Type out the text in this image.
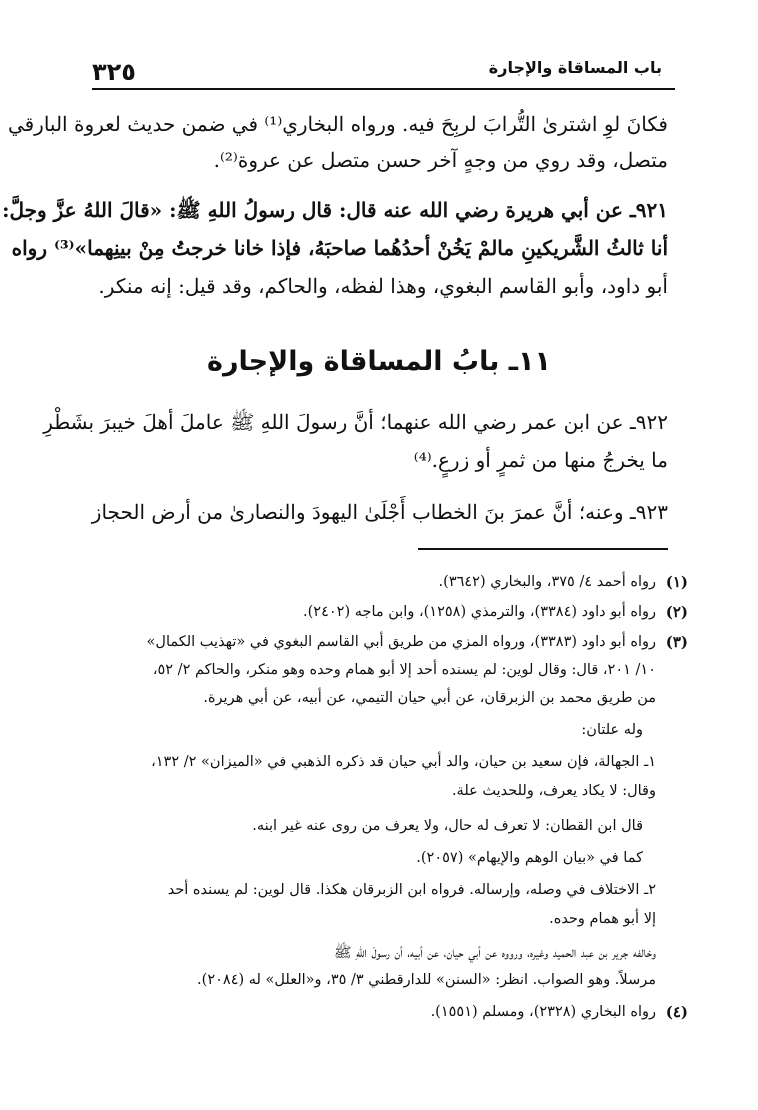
باب المساقاة والإجارة
٣٢٥
فكانَ لوِ اشترىٰ التُّرابَ لربِحَ فيه. ورواه البخاري⁽¹⁾ في ضمن حديث لعروة البارقي
متصل، وقد روي من وجهٍ آخر حسن متصل عن عروة⁽²⁾.
٩٢١ـ عن أبي هريرة رضي الله عنه قال: قال رسولُ اللهِ ﷺ: «قالَ اللهُ عزَّ وجلَّ:
أنا ثالثُ الشَّريكينِ مالمْ يَخُنْ أحدُهُما صاحبَهُ، فإذا خانا خرجتُ مِنْ بينِهما»⁽³⁾ رواه
أبو داود، وأبو القاسم البغوي، وهذا لفظه، والحاكم، وقد قيل: إنه منكر.
١١ـ بابُ المساقاة والإجارة
٩٢٢ـ عن ابن عمر رضي الله عنهما؛ أنَّ رسولَ اللهِ ﷺ عاملَ أهلَ خيبرَ بشَطْرِ
ما يخرجُ منها من ثمرٍ أو زرعٍ.⁽⁴⁾
٩٢٣ـ وعنه؛ أنَّ عمرَ بنَ الخطاب أَجْلَىٰ اليهودَ والنصارىٰ من أرض الحجاز
(١)
رواه أحمد ٤/ ٣٧٥، والبخاري (٣٦٤٢).
(٢)
رواه أبو داود (٣٣٨٤)، والترمذي (١٢٥٨)، وابن ماجه (٢٤٠٢).
(٣)
رواه أبو داود (٣٣٨٣)، ورواه المزي من طريق أبي القاسم البغوي في «تهذيب الكمال»
١٠/ ٢٠١، قال: وقال لوين: لم يسنده أحد إلا أبو همام وحده وهو منكر، والحاكم ٢/ ٥٢،
من طريق محمد بن الزبرقان، عن أبي حيان التيمي، عن أبيه، عن أبي هريرة.
وله علتان:
١ـ الجهالة، فإن سعيد بن حيان، والد أبي حيان قد ذكره الذهبي في «الميزان» ٢/ ١٣٢،
وقال: لا يكاد يعرف، وللحديث علة.
قال ابن القطان: لا تعرف له حال، ولا يعرف من روى عنه غير ابنه.
كما في «بيان الوهم والإيهام» (٢٠٥٧).
٢ـ الاختلاف في وصله، وإرساله. فرواه ابن الزبرقان هكذا. قال لوين: لم يسنده أحد
إلا أبو همام وحده.
وخالفه جرير بن عبد الحميد وغيره، ورووه عن أبي حيان، عن أبيه، أن رسولَ اللهِ ﷺ
مرسلاً. وهو الصواب. انظر: «السنن» للدارقطني ٣/ ٣٥، و«العلل» له (٢٠٨٤).
(٤)
رواه البخاري (٢٣٢٨)، ومسلم (١٥٥١).
